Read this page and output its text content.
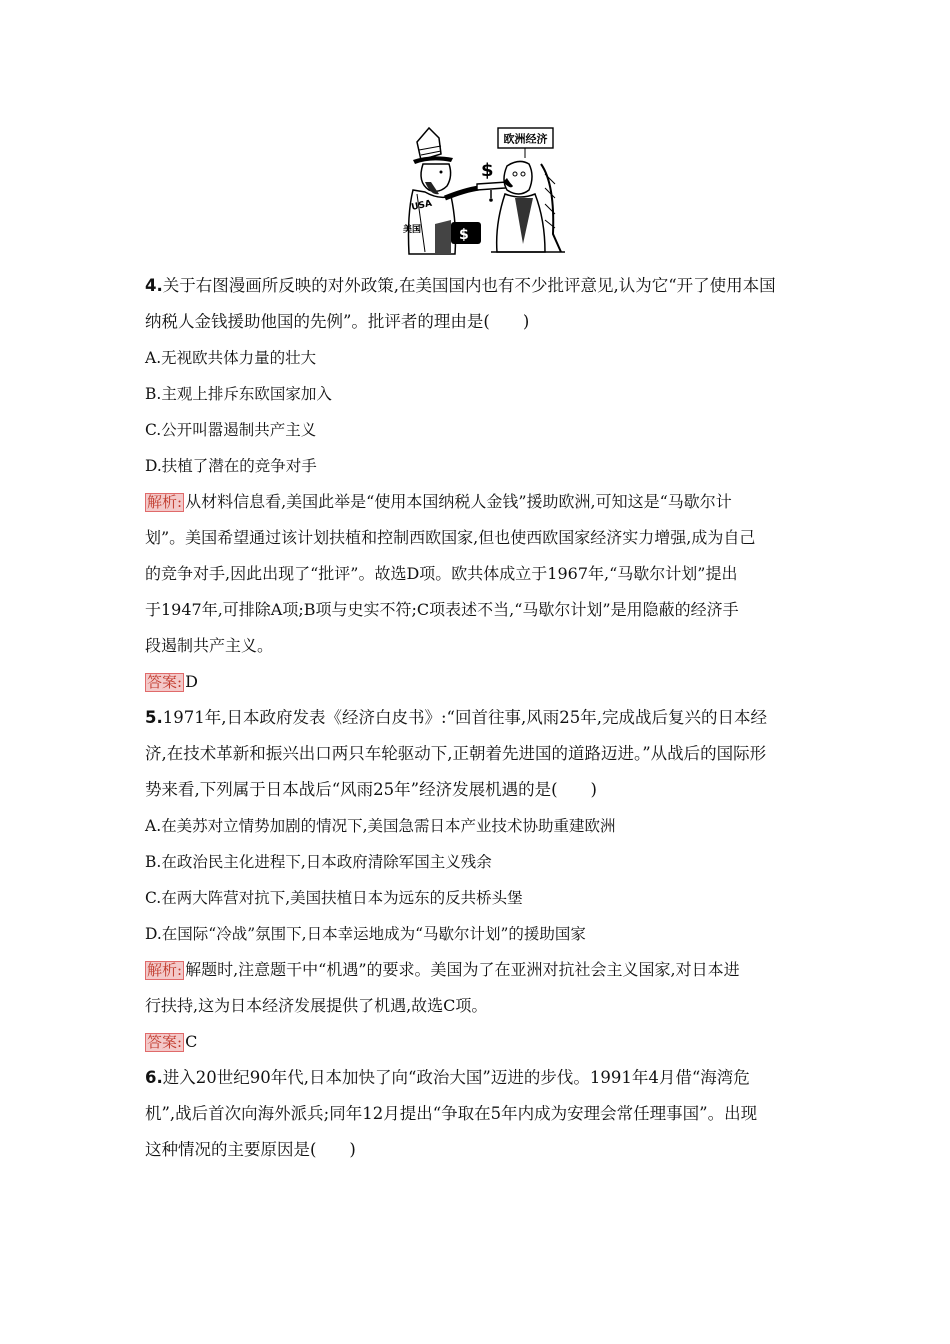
欧洲经济
USA
美国
$
$

4.关于右图漫画所反映的对外政策,在美国国内也有不少批评意见,认为它“开了使用本国

纳税人金钱援助他国的先例”。批评者的理由是(　　)

A.无视欧共体力量的壮大

B.主观上排斥东欧国家加入

C.公开叫嚣遏制共产主义

D.扶植了潜在的竞争对手

解析: 从材料信息看,美国此举是“使用本国纳税人金钱”援助欧洲,可知这是“马歇尔计

划”。美国希望通过该计划扶植和控制西欧国家,但也使西欧国家经济实力增强,成为自己

的竞争对手,因此出现了“批评”。故选D项。欧共体成立于1967年,“马歇尔计划”提出

于1947年,可排除A项;B项与史实不符;C项表述不当,“马歇尔计划”是用隐蔽的经济手

段遏制共产主义。

答案: D

5.1971年,日本政府发表《经济白皮书》:“回首往事,风雨25年,完成战后复兴的日本经

济,在技术革新和振兴出口两只车轮驱动下,正朝着先进国的道路迈进。”从战后的国际形

势来看,下列属于日本战后“风雨25年”经济发展机遇的是(　　)

A.在美苏对立情势加剧的情况下,美国急需日本产业技术协助重建欧洲

B.在政治民主化进程下,日本政府清除军国主义残余

C.在两大阵营对抗下,美国扶植日本为远东的反共桥头堡

D.在国际“冷战”氛围下,日本幸运地成为“马歇尔计划”的援助国家

解析: 解题时,注意题干中“机遇”的要求。美国为了在亚洲对抗社会主义国家,对日本进

行扶持,这为日本经济发展提供了机遇,故选C项。

答案: C

6.进入20世纪90年代,日本加快了向“政治大国”迈进的步伐。1991年4月借“海湾危

机”,战后首次向海外派兵;同年12月提出“争取在5年内成为安理会常任理事国”。出现

这种情况的主要原因是(　　)
